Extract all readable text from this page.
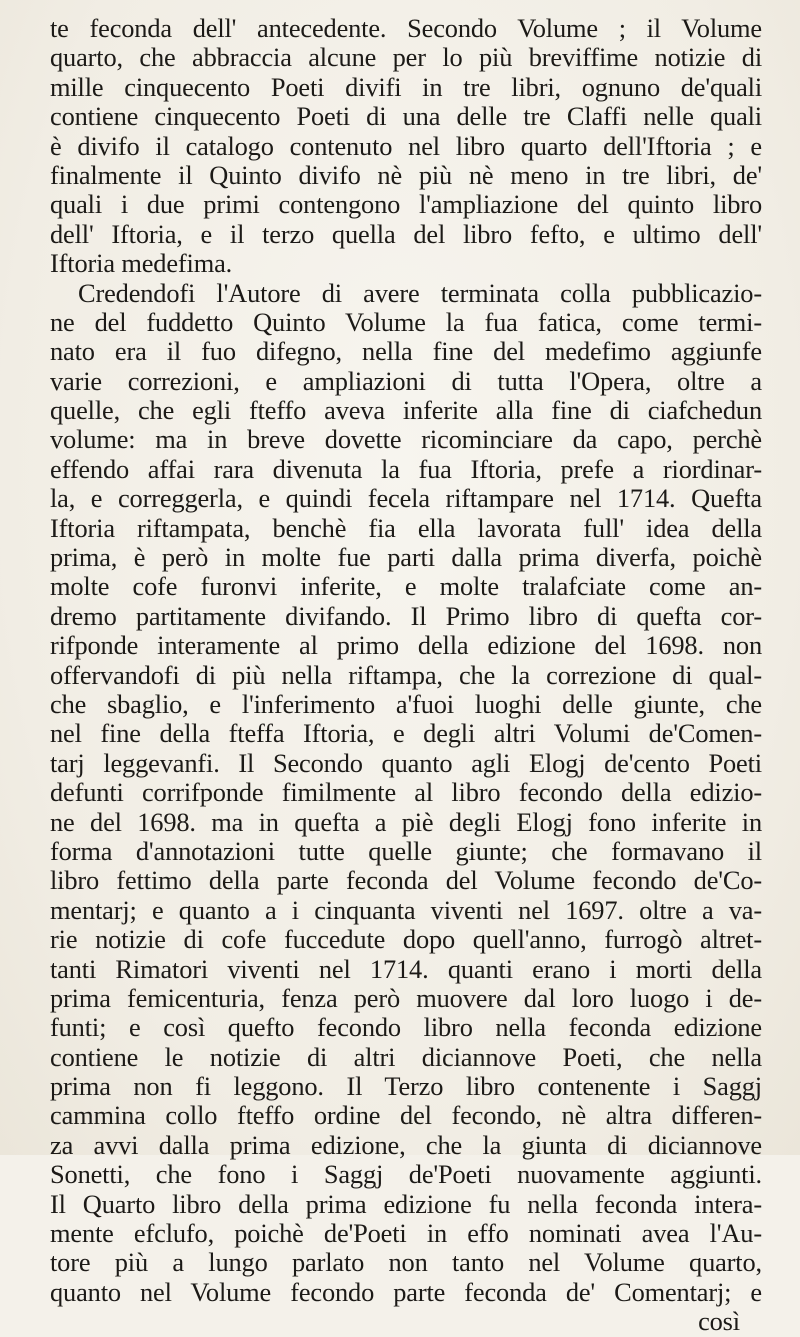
te feconda dell' antecedente. Secondo Volume ; il Volume
quarto, che abbraccia alcune per lo più breviffime notizie di
mille cinquecento Poeti divifi in tre libri, ognuno de'quali
contiene cinquecento Poeti di una delle tre Claffi nelle quali
è divifo il catalogo contenuto nel libro quarto dell'Iftoria ; e
finalmente il Quinto divifo nè più nè meno in tre libri, de'
quali i due primi contengono l'ampliazione del quinto libro
dell' Iftoria, e il terzo quella del libro fefto, e ultimo dell'
Iftoria medefima.
Credendofi l'Autore di avere terminata colla pubblicazio-
ne del fuddetto Quinto Volume la fua fatica, come termi-
nato era il fuo difegno, nella fine del medefimo aggiunfe
varie correzioni, e ampliazioni di tutta l'Opera, oltre a
quelle, che egli fteffo aveva inferite alla fine di ciafchedun
volume: ma in breve dovette ricominciare da capo, perchè
effendo affai rara divenuta la fua Iftoria, prefe a riordinar-
la, e correggerla, e quindi fecela riftampare nel 1714. Quefta
Iftoria riftampata, benchè fia ella lavorata full' idea della
prima, è però in molte fue parti dalla prima diverfa, poichè
molte cofe furonvi inferite, e molte tralafciate come an-
dremo partitamente divifando. Il Primo libro di quefta cor-
rifponde interamente al primo della edizione del 1698. non
offervandofi di più nella riftampa, che la correzione di qual-
che sbaglio, e l'inferimento a'fuoi luoghi delle giunte, che
nel fine della fteffa Iftoria, e degli altri Volumi de'Comen-
tarj leggevanfi. Il Secondo quanto agli Elogj de'cento Poeti
defunti corrifponde fimilmente al libro fecondo della edizio-
ne del 1698. ma in quefta a piè degli Elogj fono inferite in
forma d'annotazioni tutte quelle giunte; che formavano il
libro fettimo della parte feconda del Volume fecondo de'Co-
mentarj; e quanto a i cinquanta viventi nel 1697. oltre a va-
rie notizie di cofe fuccedute dopo quell'anno, furrogò altret-
tanti Rimatori viventi nel 1714. quanti erano i morti della
prima femicenturia, fenza però muovere dal loro luogo i de-
funti; e così quefto fecondo libro nella feconda edizione
contiene le notizie di altri diciannove Poeti, che nella
prima non fi leggono. Il Terzo libro contenente i Saggj
cammina collo fteffo ordine del fecondo, nè altra differen-
za avvi dalla prima edizione, che la giunta di diciannove
Sonetti, che fono i Saggj de'Poeti nuovamente aggiunti.
Il Quarto libro della prima edizione fu nella feconda intera-
mente efclufo, poichè de'Poeti in effo nominati avea l'Au-
tore più a lungo parlato non tanto nel Volume quarto,
quanto nel Volume fecondo parte feconda de' Comentarj; e
così
